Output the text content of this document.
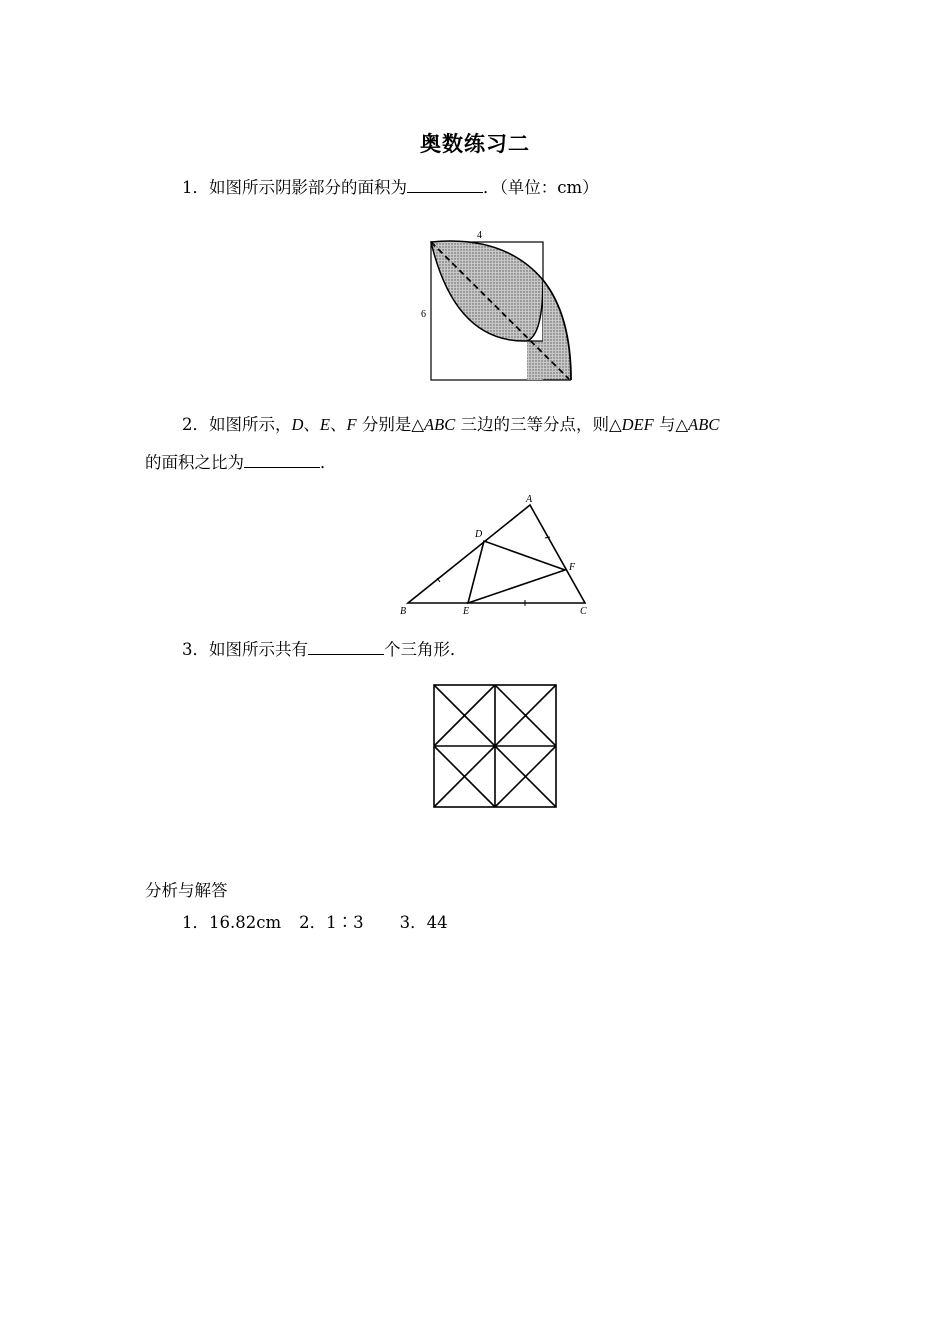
奥数练习二
1．如图所示阴影部分的面积为	．（单位：cm）
4
6
2．如图所示，D、E、F 分别是△ABC 三边的三等分点，则△DEF 与△ABC
的面积之比为	．
A
B	C
D
E
F
3．如图所示共有	个三角形．
分析与解答
1．16.82cm 2．1∶3 3．44
